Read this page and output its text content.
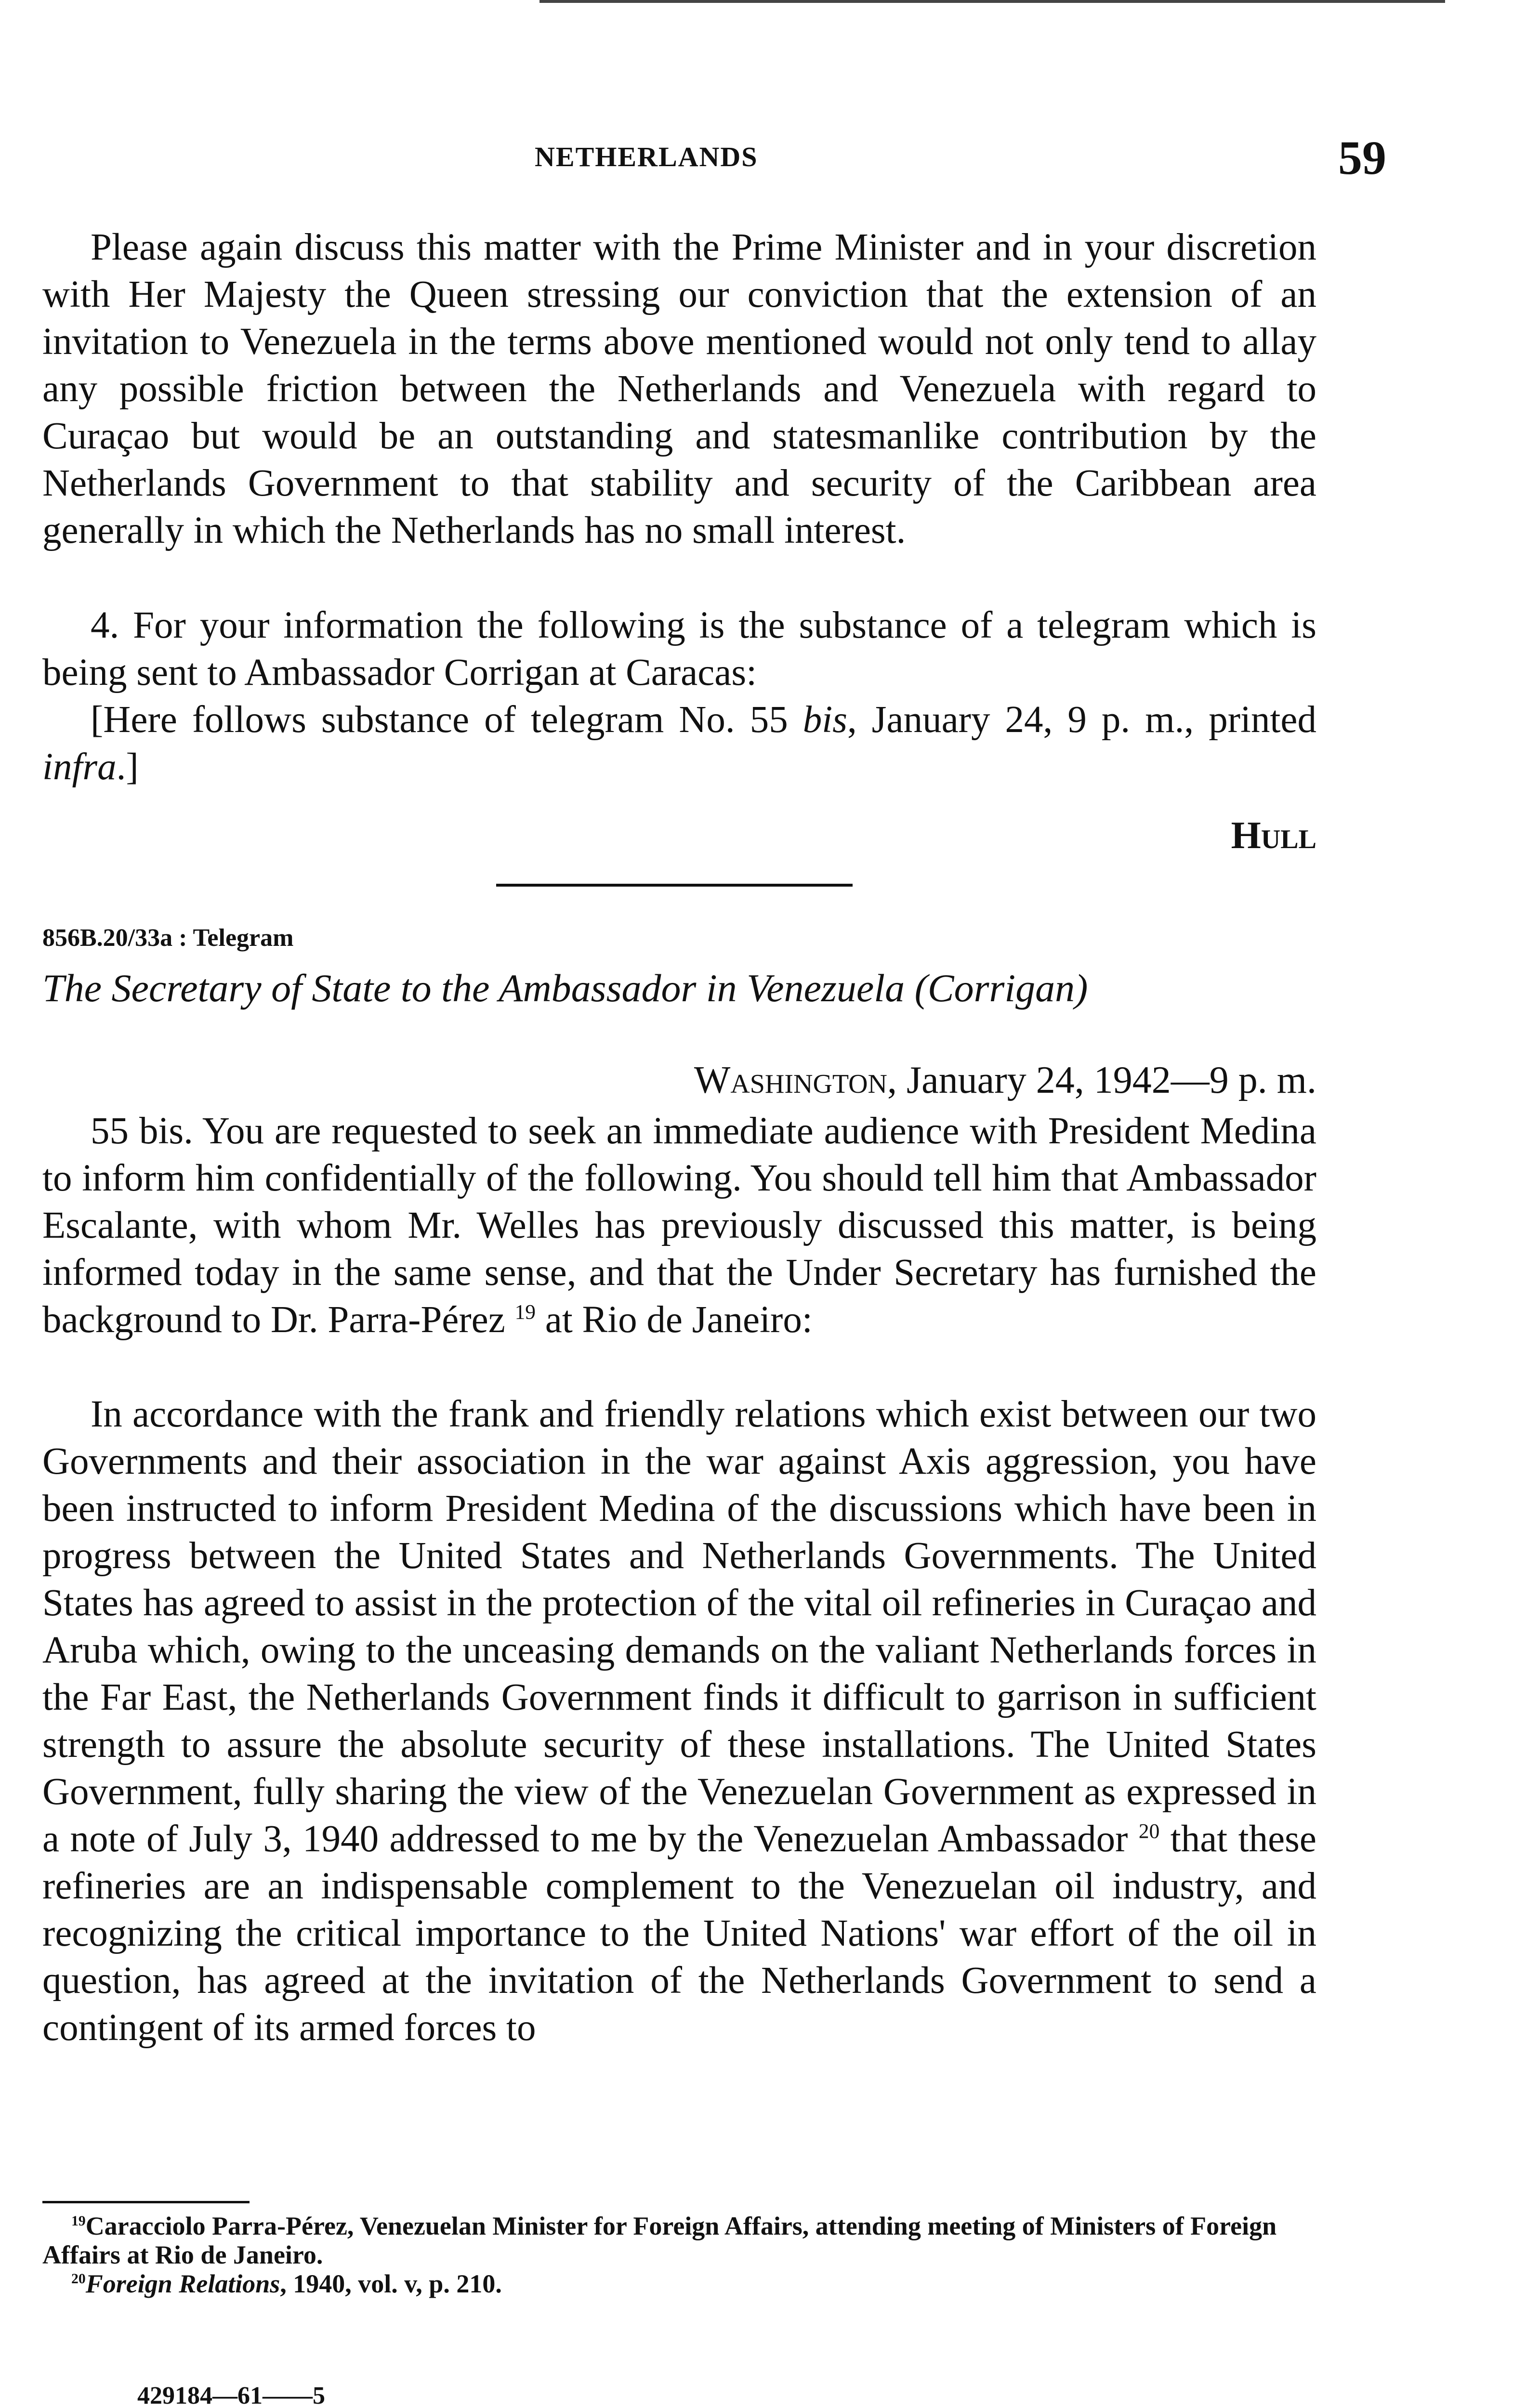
NETHERLANDS	59

Please again discuss this matter with the Prime Minister and in your discretion with Her Majesty the Queen stressing our conviction that the extension of an invitation to Venezuela in the terms above mentioned would not only tend to allay any possible friction between the Netherlands and Venezuela with regard to Curaçao but would be an outstanding and statesmanlike contribution by the Netherlands Government to that stability and security of the Caribbean area generally in which the Netherlands has no small interest.

4. For your information the following is the substance of a telegram which is being sent to Ambassador Corrigan at Caracas:

[Here follows substance of telegram No. 55 bis, January 24, 9 p. m., printed infra.]

Hull
856B.20/33a : Telegram
The Secretary of State to the Ambassador in Venezuela (Corrigan)
Washington, January 24, 1942—9 p. m.

55 bis. You are requested to seek an immediate audience with President Medina to inform him confidentially of the following. You should tell him that Ambassador Escalante, with whom Mr. Welles has previously discussed this matter, is being informed today in the same sense, and that the Under Secretary has furnished the background to Dr. Parra-Pérez $^{19}$ at Rio de Janeiro:

In accordance with the frank and friendly relations which exist between our two Governments and their association in the war against Axis aggression, you have been instructed to inform President Medina of the discussions which have been in progress between the United States and Netherlands Governments. The United States has agreed to assist in the protection of the vital oil refineries in Curaçao and Aruba which, owing to the unceasing demands on the valiant Netherlands forces in the Far East, the Netherlands Government finds it difficult to garrison in sufficient strength to assure the absolute security of these installations. The United States Government, fully sharing the view of the Venezuelan Government as expressed in a note of July 3, 1940 addressed to me by the Venezuelan Ambassador $^{20}$ that these refineries are an indispensable complement to the Venezuelan oil industry, and recognizing the critical importance to the United Nations' war effort of the oil in question, has agreed at the invitation of the Netherlands Government to send a contingent of its armed forces to

$^{19}$Caracciolo Parra-Pérez, Venezuelan Minister for Foreign Affairs, attending meeting of Ministers of Foreign Affairs at Rio de Janeiro.

$^{20}$Foreign Relations, 1940, vol. v, p. 210.

429184—61——5
